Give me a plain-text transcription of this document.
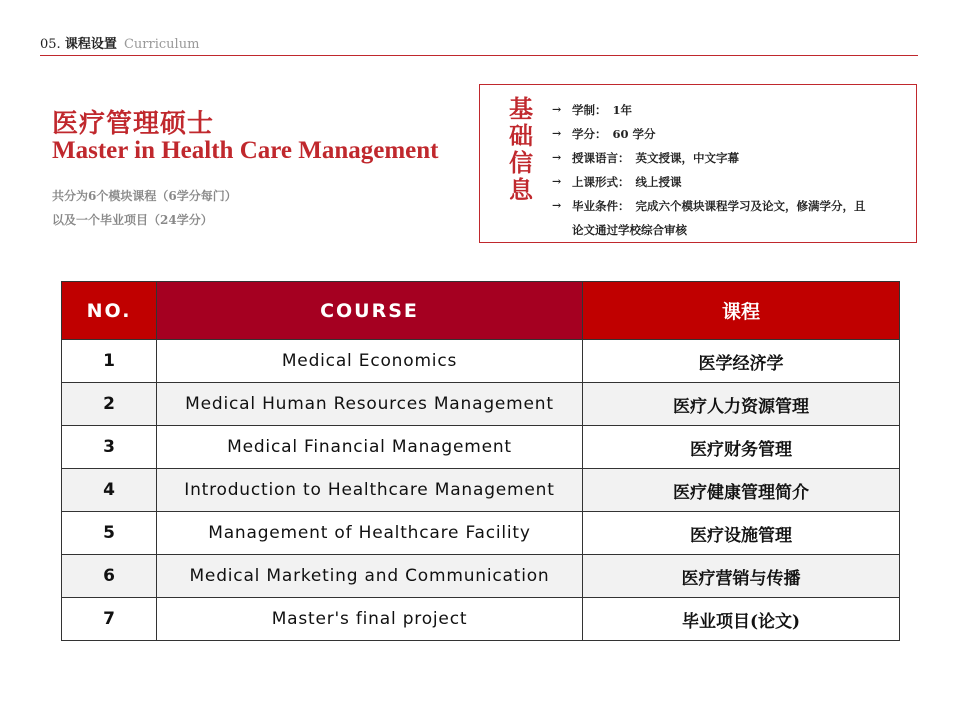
05. 课程设置 Curriculum
医疗管理硕士
Master in Health Care Management
共分为6个模块课程（6学分每门）
以及一个毕业项目（24学分）
基
础
信
息
→ 学制： 1年
→ 学分： 60 学分
→ 授课语言： 英文授课，中文字幕
→ 上课形式： 线上授课
→ 毕业条件： 完成六个模块课程学习及论文，修满学分，且
论文通过学校综合审核
NO.	COURSE	课程
1	Medical Economics	医学经济学
2	Medical Human Resources Management	医疗人力资源管理
3	Medical Financial Management	医疗财务管理
4	Introduction to Healthcare Management	医疗健康管理简介
5	Management of Healthcare Facility	医疗设施管理
6	Medical Marketing and Communication	医疗营销与传播
7	Master's final project	毕业项目(论文)
